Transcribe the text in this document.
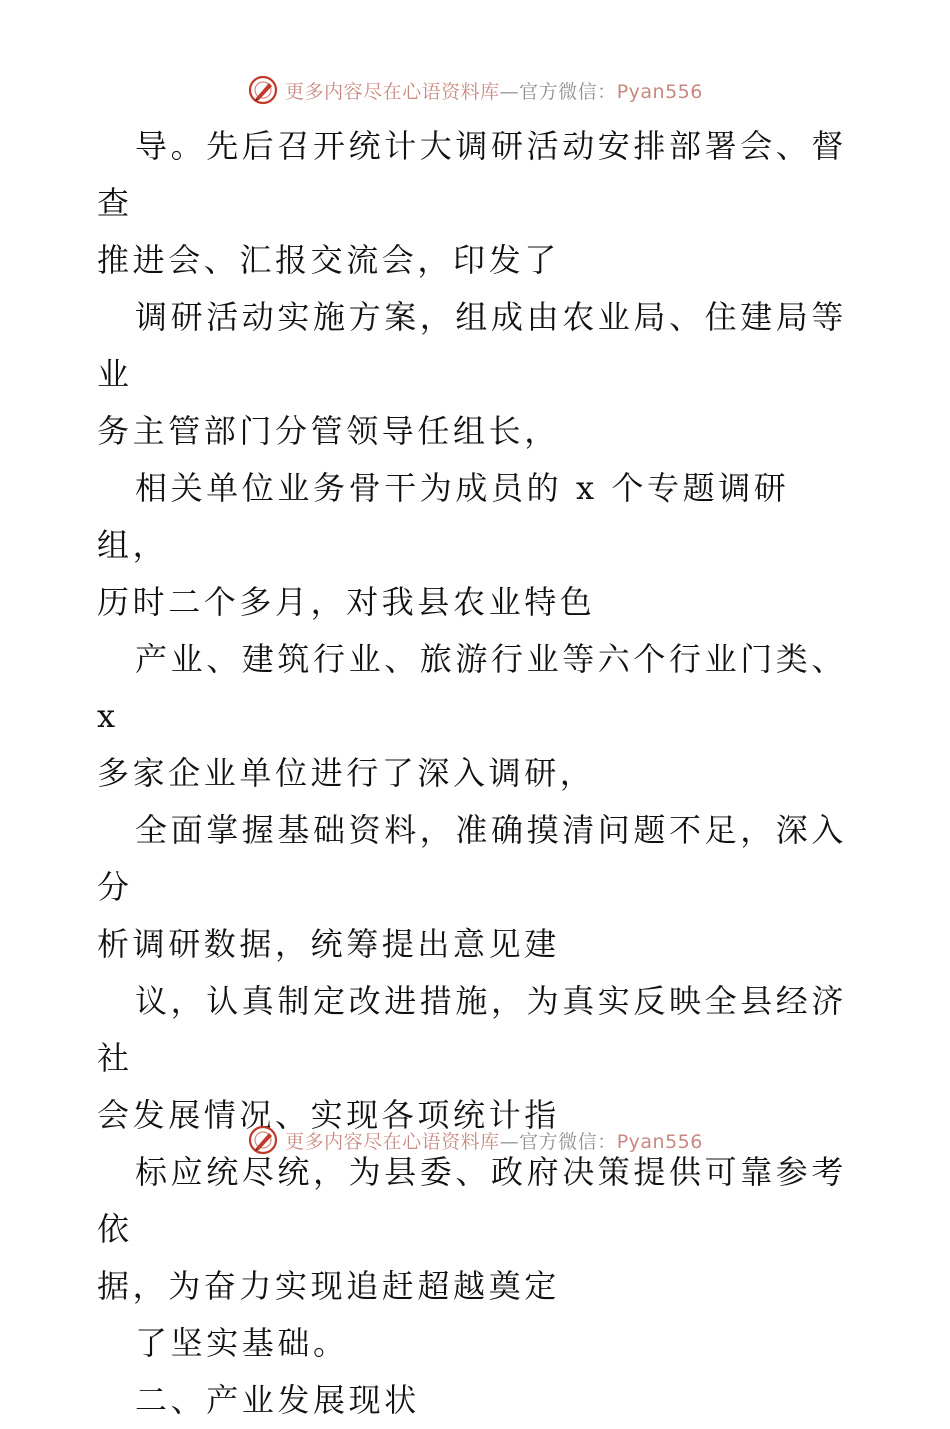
更多内容尽在心语资料库—官方微信：Pyan556

导。先后召开统计大调研活动安排部署会、督查
推进会、汇报交流会，印发了

调研活动实施方案，组成由农业局、住建局等业
务主管部门分管领导任组长，

相关单位业务骨干为成员的 x 个专题调研组，
历时二个多月，对我县农业特色

产业、建筑行业、旅游行业等六个行业门类、x
多家企业单位进行了深入调研，

全面掌握基础资料，准确摸清问题不足，深入分
析调研数据，统筹提出意见建

议，认真制定改进措施，为真实反映全县经济社
会发展情况、实现各项统计指

标应统尽统，为县委、政府决策提供可靠参考依
据，为奋力实现追赶超越奠定

了坚实基础。

二、产业发展现状

更多内容尽在心语资料库—官方微信：Pyan556
